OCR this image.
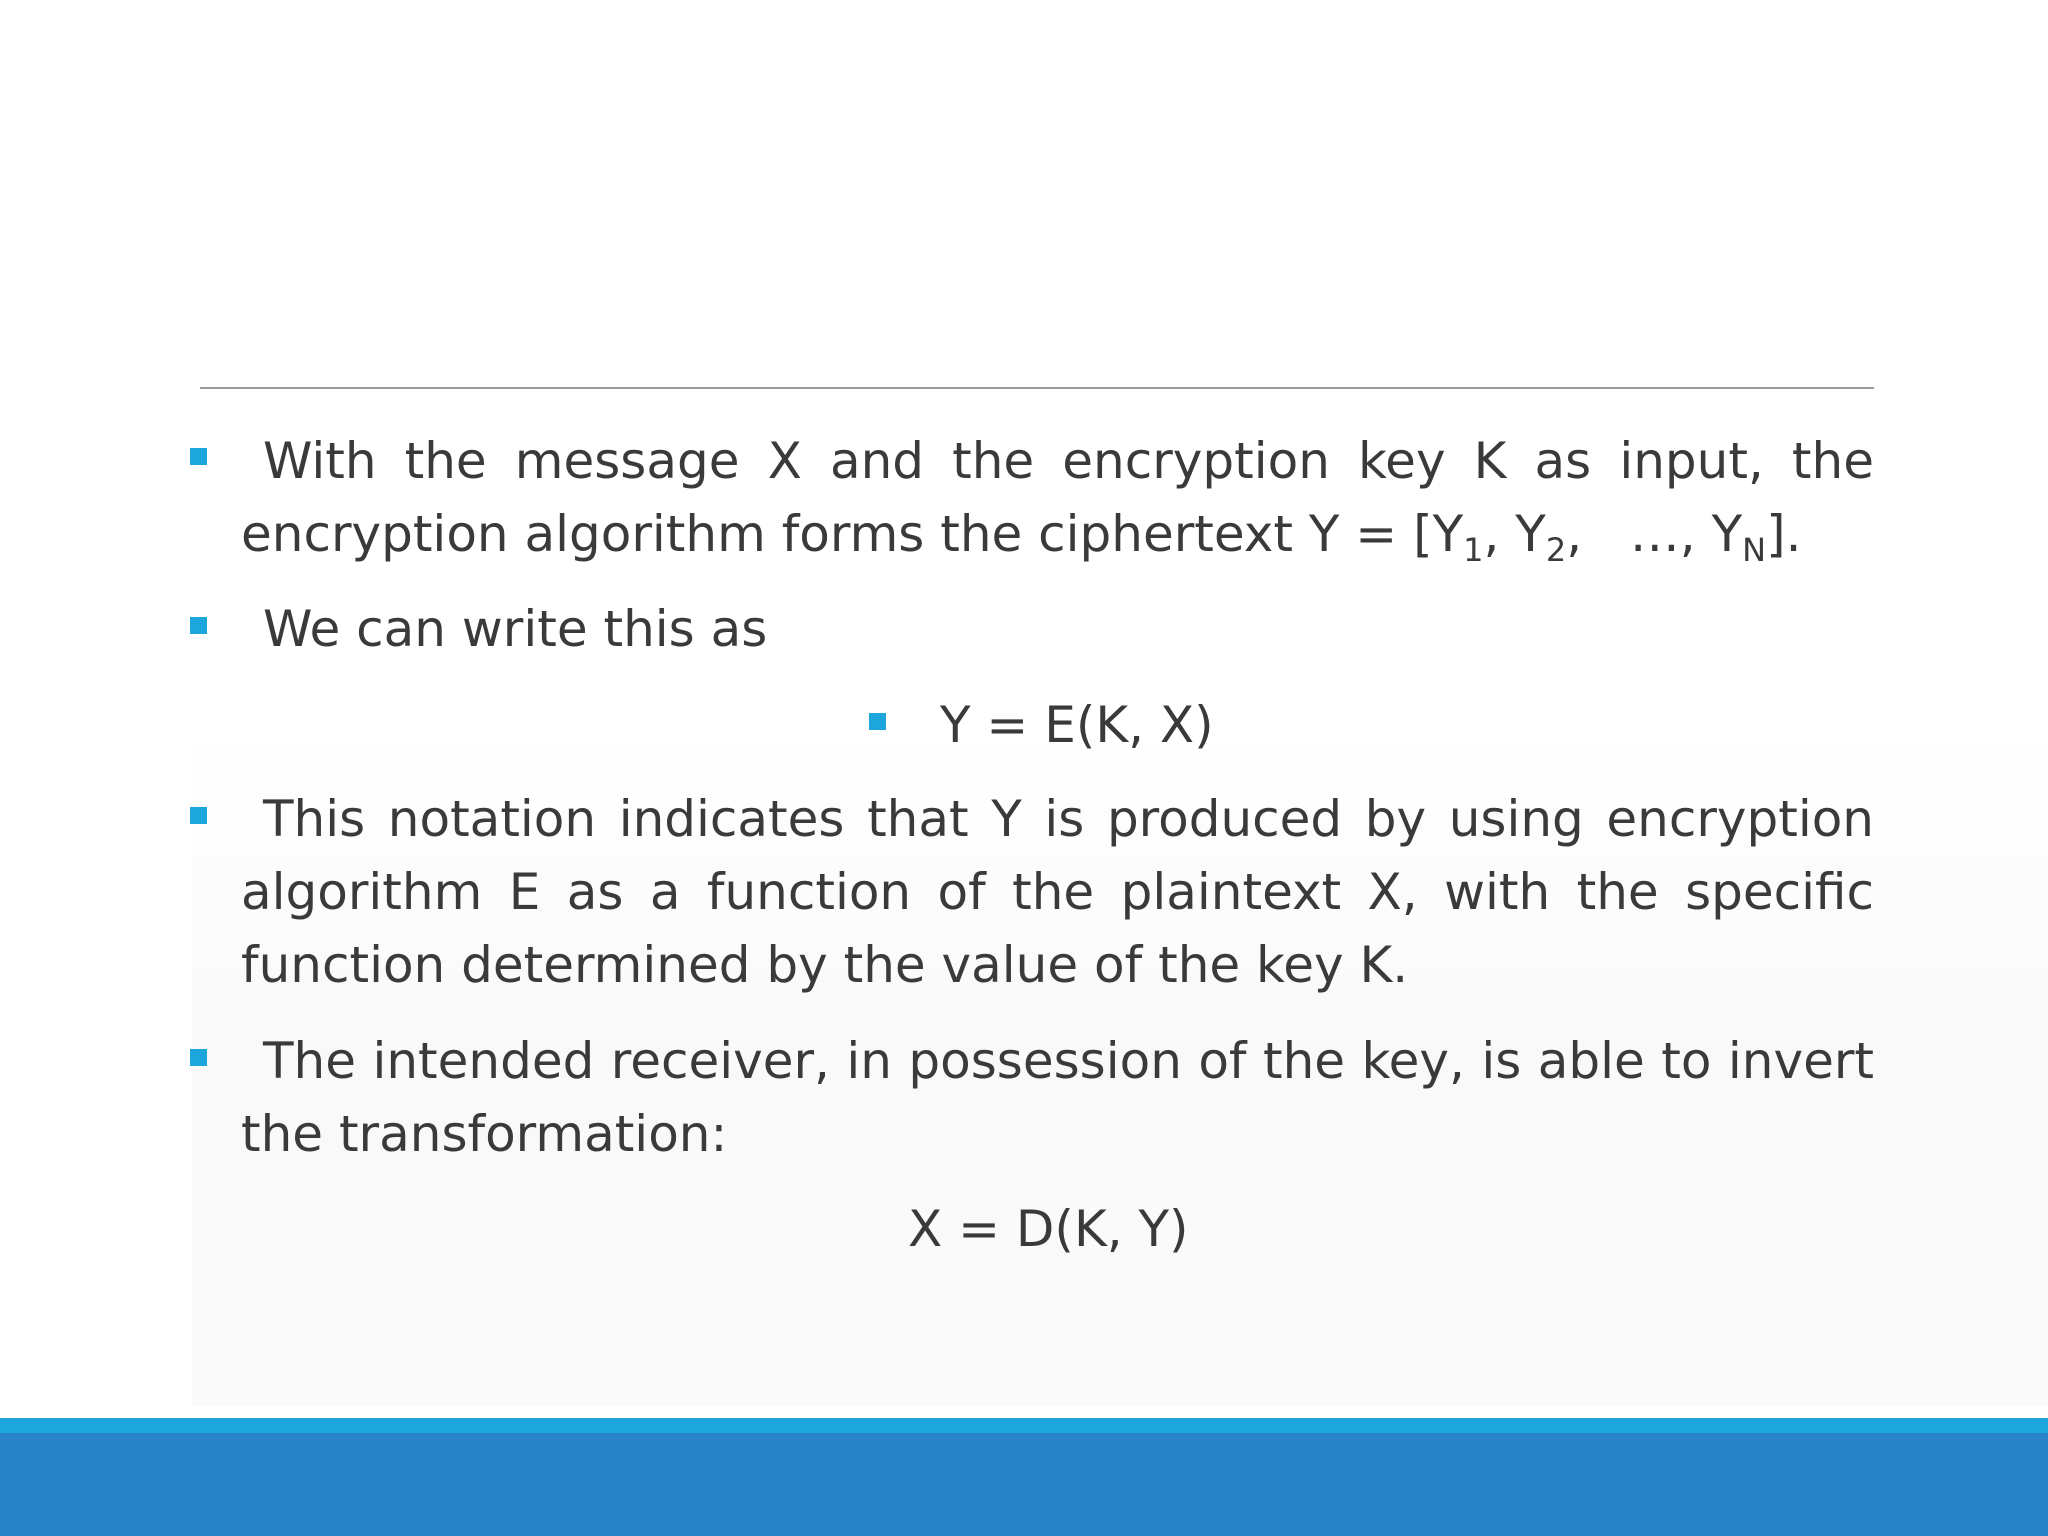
With the message X and the encryption key K as input, the
encryption algorithm forms the ciphertext $Y = [Y_1$, $Y_2$,   …, $Y_N$].
We can write this as
Y = E(K, X)
This notation indicates that Y is produced by using encryption
algorithm E as a function of the plaintext X, with the specific
function determined by the value of the key K.
The intended receiver, in possession of the key, is able to invert
the transformation:
X = D(K, Y)
